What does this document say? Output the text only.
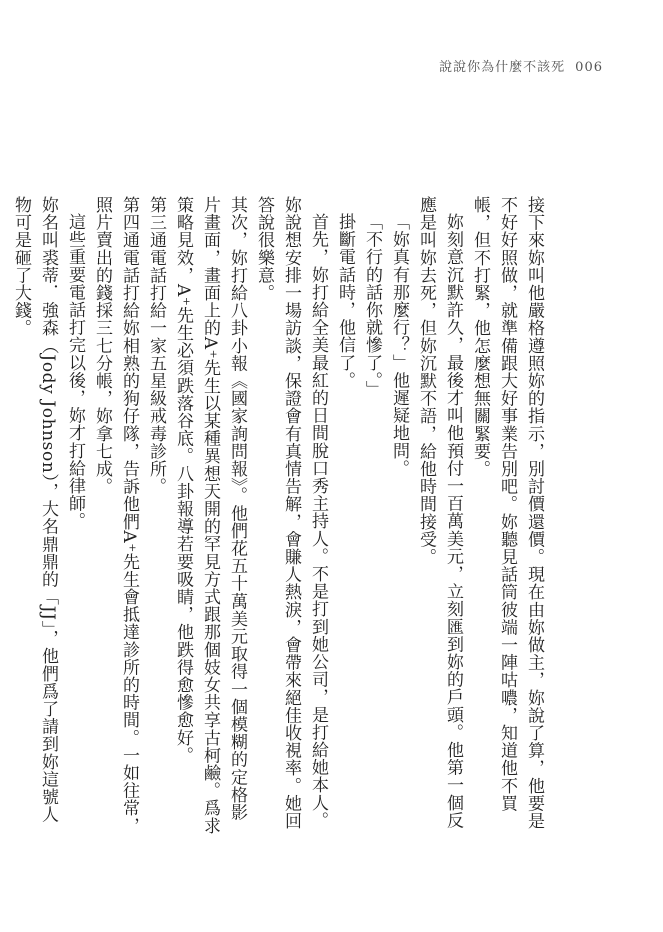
說說你為什麼不該死 006

接下來妳叫他嚴格遵照妳的指示，別討價還價。現在由妳做主，妳說了算，他要是不好好照做，就準備跟大好事業告別吧。妳聽見話筒彼端一陣咕噥，知道他不買帳，但不打緊，他怎麼想無關緊要。

妳刻意沉默許久，最後才叫他預付一百萬美元，立刻匯到妳的戶頭。他第一個反應是叫妳去死，但妳沉默不語，給他時間接受。

「妳真有那麼行？」他遲疑地問。

「不行的話你就慘了。」

掛斷電話時，他信了。

首先，妳打給全美最紅的日間脫口秀主持人。不是打到她公司，是打給她本人。妳說想安排一場訪談，保證會有真情告解，會賺人熱淚，會帶來絕佳收視率。她回答說很樂意。

其次，妳打給八卦小報《國家詢問報》。他們花五十萬美元取得一個模糊的定格影片畫面，畫面上的A⁺先生以某種異想天開的罕見方式跟那個妓女共享古柯鹼。爲求策略見效，A⁺先生必須跌落谷底。八卦報導若要吸睛，他跌得愈慘愈好。

第三通電話打給一家五星級戒毒診所。

第四通電話打給妳相熟的狗仔隊，告訴他們A⁺先生會抵達診所的時間。一如往常，照片賣出的錢採三七分帳，妳拿七成。

這些重要電話打完以後，妳才打給律師。

妳名叫裘蒂．強森（Jody Johnson），大名鼎鼎的「JJ」，他們爲了請到妳這號人物可是砸了大錢。
